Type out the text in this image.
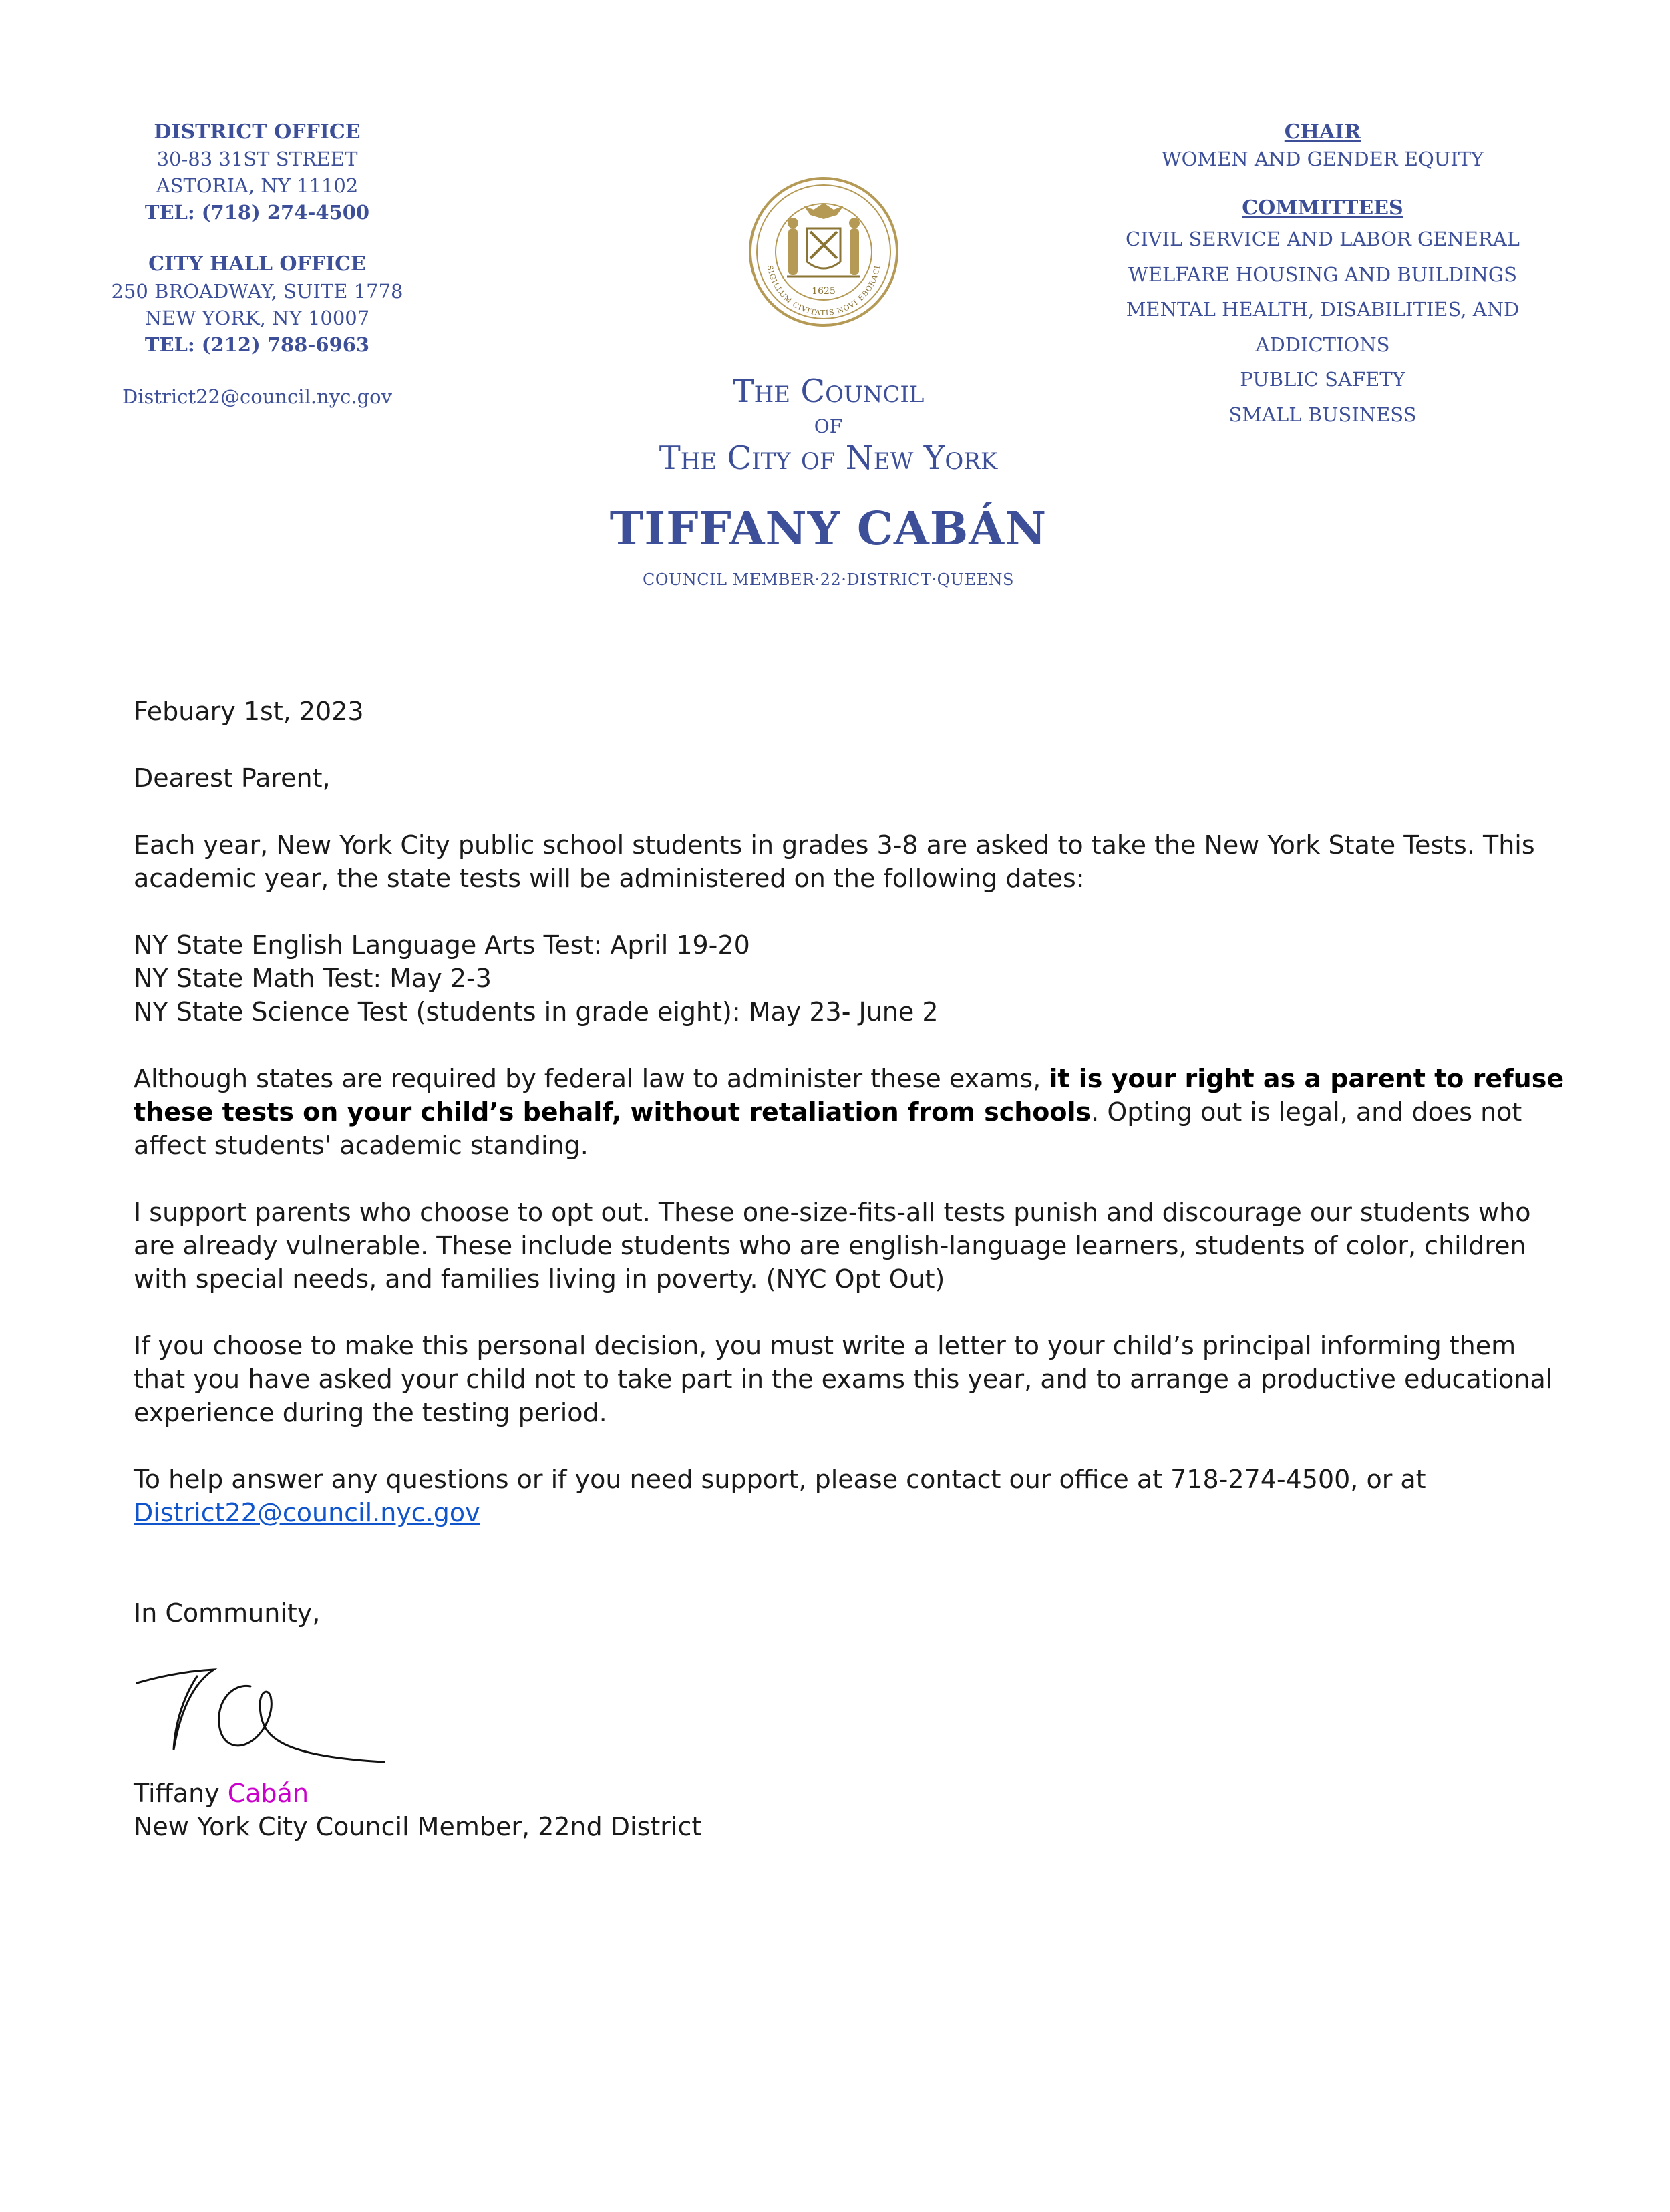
DISTRICT OFFICE
30-83 31ST STREET
ASTORIA, NY 11102
TEL: (718) 274-4500
CITY HALL OFFICE
250 BROADWAY, SUITE 1778
NEW YORK, NY 10007
TEL: (212) 788-6963
District22@council.nyc.gov
SIGILLUM CIVITATIS NOVI EBORACI
1625
The Council
of
The City of New York
TIFFANY CABÁN
COUNCIL MEMBER·22·DISTRICT·QUEENS
CHAIR
WOMEN AND GENDER EQUITY
COMMITTEES
CIVIL SERVICE AND LABOR GENERAL
WELFARE HOUSING AND BUILDINGS
MENTAL HEALTH, DISABILITIES, AND
ADDICTIONS
PUBLIC SAFETY
SMALL BUSINESS

Febuary 1st, 2023

Dearest Parent,

Each year, New York City public school students in grades 3-8 are asked to take the New York State Tests. This academic year, the state tests will be administered on the following dates:

NY State English Language Arts Test: April 19-20

NY State Math Test: May 2-3

NY State Science Test (students in grade eight): May 23- June 2

Although states are required by federal law to administer these exams, it is your right as a parent to refuse these tests on your child’s behalf, without retaliation from schools. Opting out is legal, and does not affect students' academic standing.

I support parents who choose to opt out. These one-size-fits-all tests punish and discourage our students who are already vulnerable. These include students who are english-language learners, students of color, children with special needs, and families living in poverty. (NYC Opt Out)

If you choose to make this personal decision, you must write a letter to your child’s principal informing them that you have asked your child not to take part in the exams this year, and to arrange a productive educational experience during the testing period.

To help answer any questions or if you need support, please contact our office at 718-274-4500, or at
District22@council.nyc.gov

In Community,

Tiffany Cabán

New York City Council Member, 22nd District
